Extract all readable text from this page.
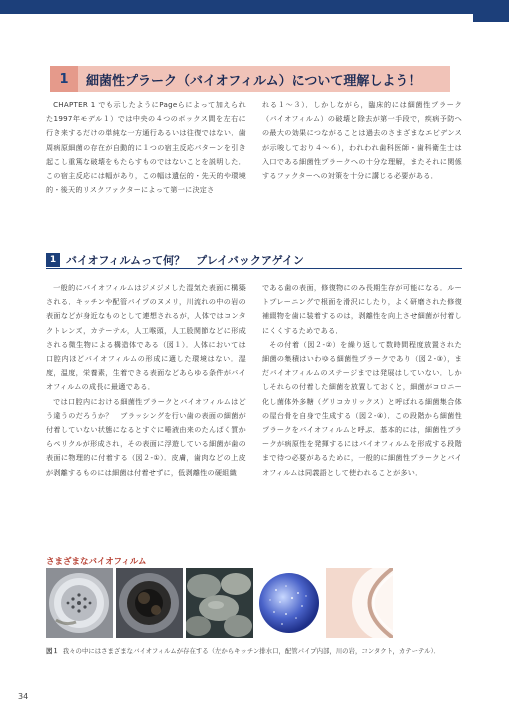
1	細菌性プラーク（バイオフィルム）について理解しよう！

CHAPTER 1 でも示したようにPageらによって加えられた1997年モデル１）では中央の４つのボックス間を左右に行き来するだけの単純な一方通行あるいは往復ではない．歯周病原細菌の存在が自動的に１つの宿主反応パターンを引き起こし重篤な破壊をもたらすものではないことを説明した．この宿主反応には幅があり，この幅は遺伝的・先天的や環境的・後天的リスクファクターによって第一に決定さ

れる１〜３）．しかしながら，臨床的には細菌性プラーク（バイオフィルム）の破壊と除去が第一手段で，疾病予防への最大の効果につながることは過去のさまざまなエビデンスが示唆しており４〜６），われわれ歯科医師・歯科衛生士は入口である細菌性プラークへの十分な理解，またそれに関係するファクターへの対策を十分に講じる必要がある．

1 バイオフィルムって何？　プレイバックアゲイン

一般的にバイオフィルムはジメジメした湿気た表面に構築される．キッチンや配管パイプのヌメリ，川流れの中の岩の表面などが身近なものとして連想されるが，人体ではコンタクトレンズ，カテーテル，人工喉頭，人工股関節などに形成される微生物による構造体である（図１）．人体においては口腔内ほどバイオフィルムの形成に適した環境はない．湿度，温度，栄養素，生着できる表面などあらゆる条件がバイオフィルムの成長に最適である．

では口腔内における細菌性プラークとバイオフィルムはどう違うのだろうか？　ブラッシングを行い歯の表面の細菌が付着していない状態になるとすぐに唾液由来のたんぱく質からペリクルが形成され，その表面に浮遊している細菌が歯の表面に物理的に付着する（図２-①）．皮膚，歯肉などの上皮が剥離するものには細菌は付着せずに，低剥離性の硬組織

である歯の表面，修復物にのみ長期生存が可能になる．ルートプレーニングで根面を滑沢にしたり，よく研磨された修復補綴物を歯に装着するのは，剥離性を向上させ細菌が付着しにくくするためである．

その付着（図２-②）を繰り返して数時間程度放置された細菌の集積はいわゆる細菌性プラークであり（図２-③），まだバイオフィルムのステージまでは発展はしていない．しかしそれらの付着した細菌を放置しておくと，細菌がコロニー化し菌体外多糖（グリコカリックス）と呼ばれる細菌集合体の屋台骨を自身で生成する（図２-④）．この段階から細菌性プラークをバイオフィルムと呼ぶ．基本的には，細菌性プラークが病原性を発揮するにはバイオフィルムを形成する段階まで待つ必要があるために，一般的に細菌性プラークとバイオフィルムは同義語として使われることが多い．

さまざまなバイオフィルム
図１ 我々の中にはさまざまなバイオフィルムが存在する（左からキッチン排水口，配管パイプ内部，川の岩，コンタクト，カテーテル）．
34
